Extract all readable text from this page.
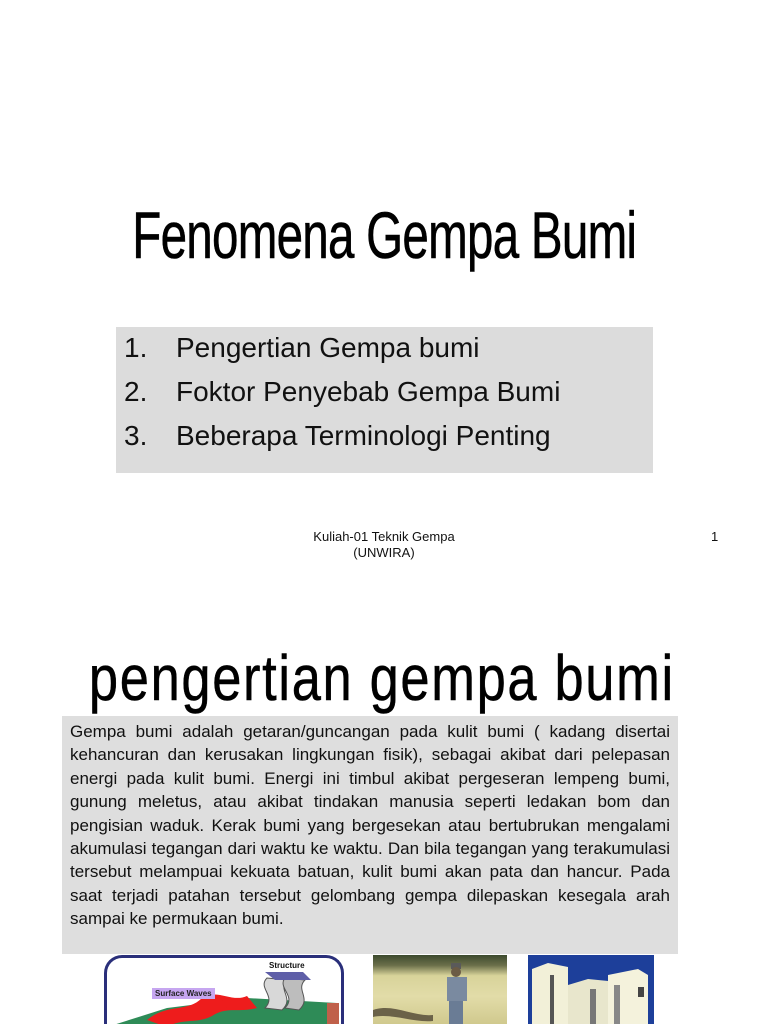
Fenomena Gempa Bumi
1. Pengertian Gempa bumi
2. Foktor Penyebab Gempa Bumi
3. Beberapa Terminologi Penting
Kuliah-01 Teknik Gempa
(UNWIRA)
1
pengertian gempa bumi
Gempa bumi adalah getaran/guncangan pada kulit bumi ( kadang disertai kehancuran dan kerusakan lingkungan fisik), sebagai akibat dari pelepasan energi pada kulit bumi. Energi ini timbul akibat pergeseran lempeng bumi, gunung meletus, atau akibat tindakan manusia seperti ledakan bom dan pengisian waduk. Kerak bumi yang bergesekan atau bertubrukan mengalami akumulasi tegangan dari waktu ke waktu. Dan bila tegangan yang terakumulasi tersebut melampuai kekuata batuan, kulit bumi akan pata dan hancur. Pada saat terjadi patahan tersebut gelombang gempa dilepaskan kesegala arah sampai ke permukaan bumi.
Structure
Surface Waves
